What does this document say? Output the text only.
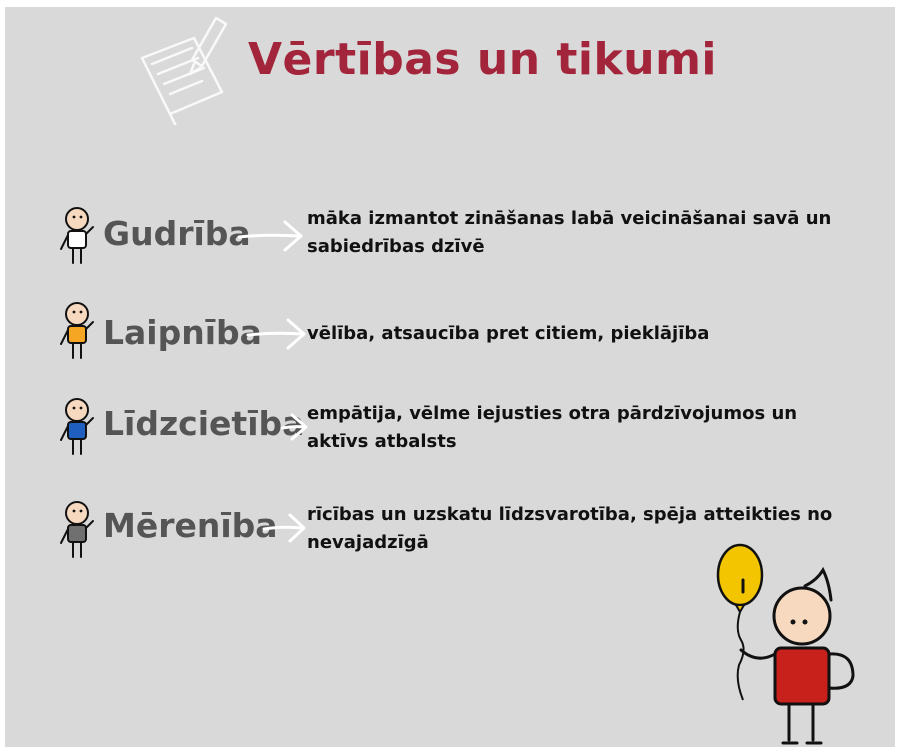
Vērtības un tikumi
Gudrība	māka izmantot zināšanas labā veicināšanai savā un sabiedrības dzīvē
Laipnība	vēlība, atsaucība pret citiem, pieklājība
Līdzcietība empātija, vēlme iejusties otra pārdzīvojumos un aktīvs atbalsts
Mērenība rīcības un uzskatu līdzsvarotība, spēja atteikties no nevajadzīgā
